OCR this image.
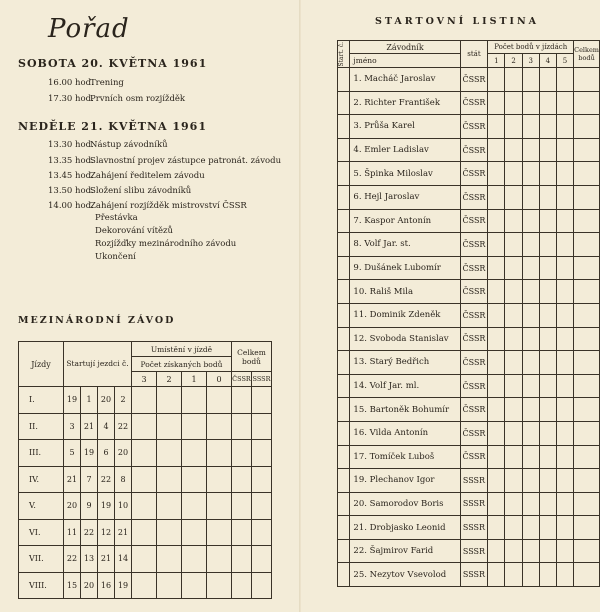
Pořad
SOBOTA 20. KVĚTNA 1961
16.00 hod.Trening
17.30 hod.Prvních osm rozjížděk
NEDĚLE 21. KVĚTNA 1961
13.30 hod.Nástup závodníků
13.35 hod.Slavnostní projev zástupce patronát. závodu
13.45 hod.Zahájení ředitelem závodu
13.50 hod.Složení slibu závodníků
14.00 hod.Zahájení rozjížděk mistrovství ČSSR
Přestávka
Dekorování vítězů
Rozjížďky mezinárodního závodu
Ukončení
MEZINÁRODNÍ ZÁVOD
Jízdy	Startují jezdci č.				Umístění v jízdě				Celkem bodů	
					Počet získaných bodů					
					3	2	1	0	ČSSR	SSSR
I.	19	1	20	2						
II.	3	21	4	22						
III.	5	19	6	20						
IV.	21	7	22	8						
V.	20	9	19	10						
VI.	11	22	12	21						
VII.	22	13	21	14						
VIII.	15	20	16	19						
STARTOVNÍ LISTINA
Start. č.	Závodník	stát	Počet bodů v jízdách					Celkem bodů
	jméno		1	2	3	4	5	
	1. Macháč Jaroslav	ČSSR						
	2. Richter František	ČSSR						
	3. Průša Karel	ČSSR						
	4. Emler Ladislav	ČSSR						
	5. Špinka Miloslav	ČSSR						
	6. Hejl Jaroslav	ČSSR						
	7. Kaspor Antonín	ČSSR						
	8. Volf Jar. st.	ČSSR						
	9. Dušánek Lubomír	ČSSR						
	10. Rališ Mila	ČSSR						
	11. Dominik Zdeněk	ČSSR						
	12. Svoboda Stanislav	ČSSR						
	13. Starý Bedřich	ČSSR						
	14. Volf Jar. ml.	ČSSR						
	15. Bartoněk Bohumír	ČSSR						
	16. Vilda Antonín	ČSSR						
	17. Tomíček Luboš	ČSSR						
	19. Plechanov Igor	SSSR						
	20. Samorodov Boris	SSSR						
	21. Drobjasko Leonid	SSSR						
	22. Šajmirov Farid	SSSR						
	25. Nezytov Vsevolod	SSSR						
